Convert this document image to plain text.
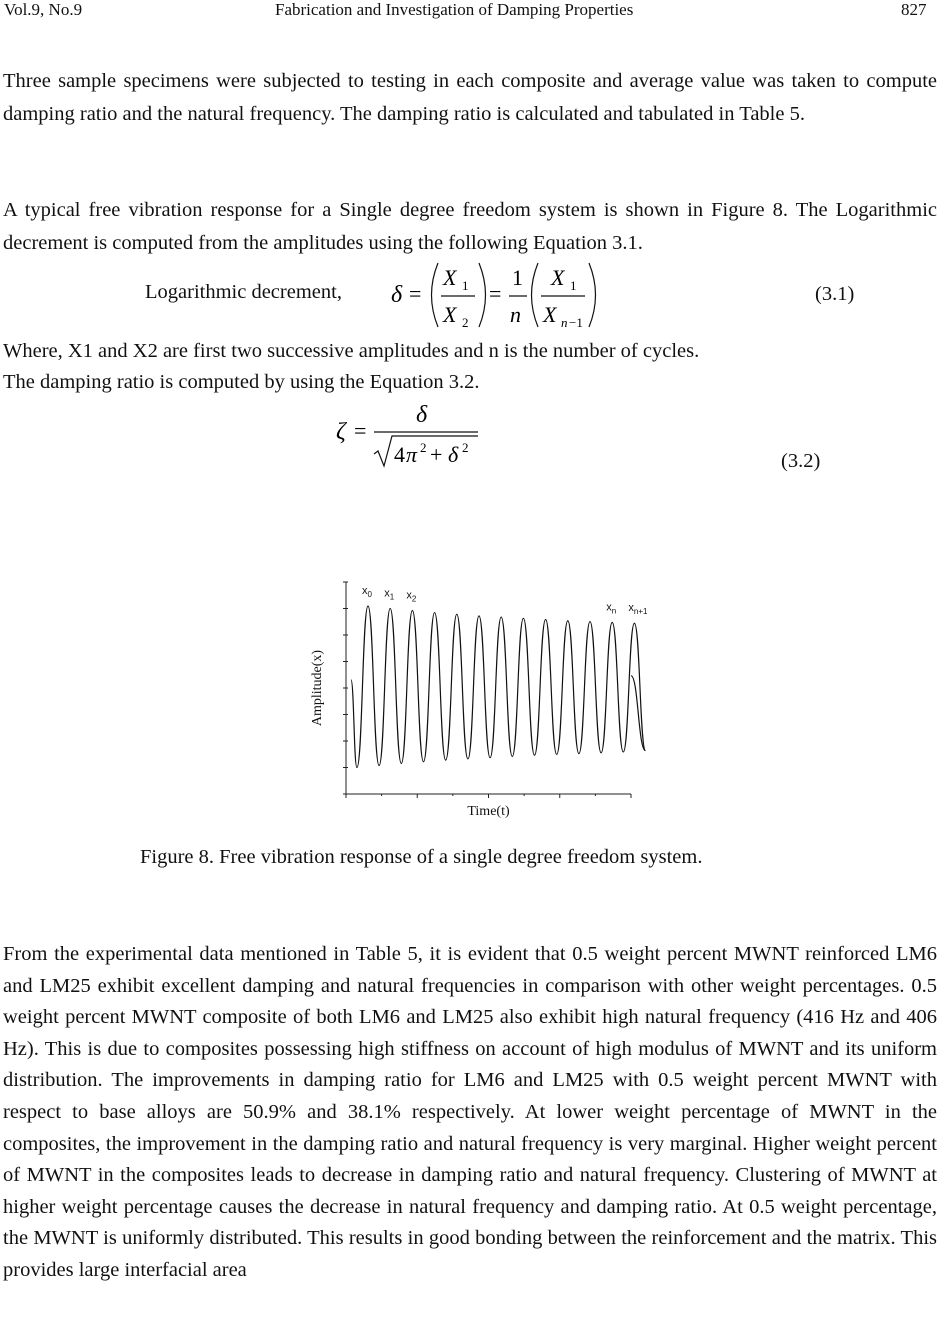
Vol.9, No.9	Fabrication and Investigation of Damping Properties	827
Three sample specimens were subjected to testing in each composite and average value was taken to compute damping ratio and the natural frequency. The damping ratio is calculated and tabulated in Table 5.
A typical free vibration response for a Single degree freedom system is shown in Figure 8. The Logarithmic decrement is computed from the amplitudes using the following Equation 3.1.
Logarithmic decrement, δ =
X 1
X 2
=
1
n
X 1
X n −1
(3.1)
Where, X1 and X2 are first two successive amplitudes and n is the number of cycles.
The damping ratio is computed by using the Equation 3.2.
ζ =
δ
4 π 2 + δ 2
(3.2)
$x_0$ $x_1$ $x_2$
$x_n$ $x_{n+1}$
Time(t)
Amplitude(x)
Figure 8. Free vibration response of a single degree freedom system.
From the experimental data mentioned in Table 5, it is evident that 0.5 weight percent MWNT reinforced LM6 and LM25 exhibit excellent damping and natural frequencies in comparison with other weight percentages. 0.5 weight percent MWNT composite of both LM6 and LM25 also exhibit high natural frequency (416 Hz and 406 Hz). This is due to composites possessing high stiffness on account of high modulus of MWNT and its uniform distribution. The improvements in damping ratio for LM6 and LM25 with 0.5 weight percent MWNT with respect to base alloys are 50.9% and 38.1% respectively. At lower weight percentage of MWNT in the composites, the improvement in the damping ratio and natural frequency is very marginal. Higher weight percent of MWNT in the composites leads to decrease in damping ratio and natural frequency. Clustering of MWNT at higher weight percentage causes the decrease in natural frequency and damping ratio. At 0.5 weight percentage, the MWNT is uniformly distributed. This results in good bonding between the reinforcement and the matrix. This provides large interfacial area
